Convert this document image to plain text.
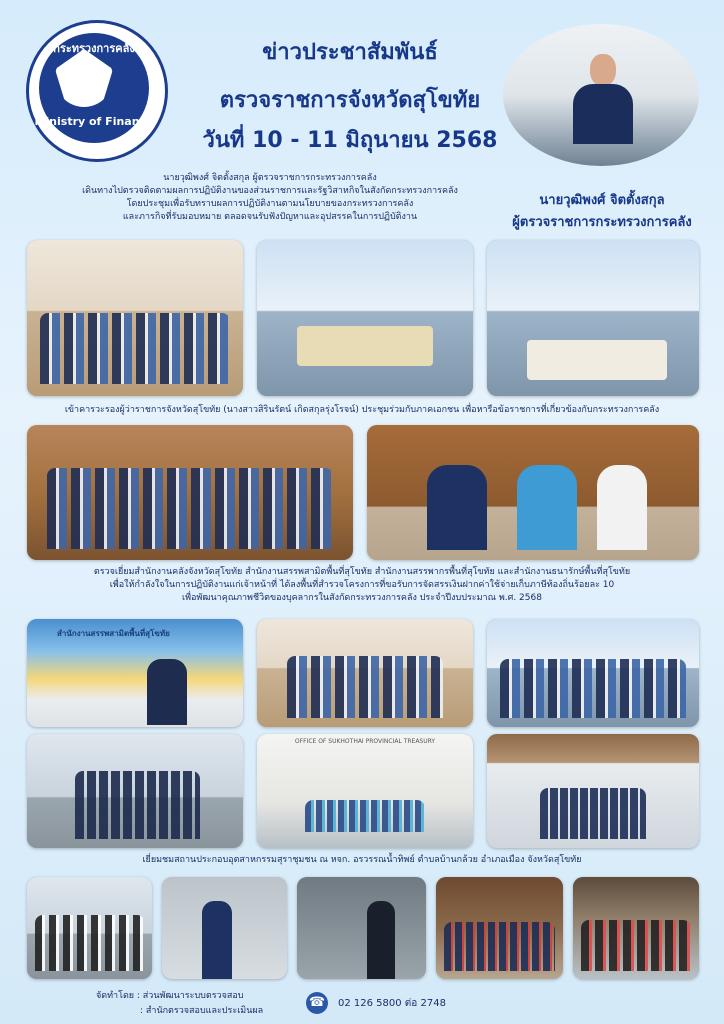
กระทรวงการคลัง
Ministry of Finance
ข่าวประชาสัมพันธ์
ตรวจราชการจังหวัดสุโขทัย
วันที่ 10 - 11 มิถุนายน 2568
นายวุฒิพงศ์ จิตตั้งสกุล ผู้ตรวจราชการกระทรวงการคลัง
เดินทางไปตรวจติดตามผลการปฏิบัติงานของส่วนราชการและรัฐวิสาหกิจในสังกัดกระทรวงการคลัง
โดยประชุมเพื่อรับทราบผลการปฏิบัติงานตามนโยบายของกระทรวงการคลัง
และภารกิจที่รับมอบหมาย ตลอดจนรับฟังปัญหาและอุปสรรคในการปฏิบัติงาน
นายวุฒิพงศ์ จิตตั้งสกุล
ผู้ตรวจราชการกระทรวงการคลัง
เข้าคารวะรองผู้ว่าราชการจังหวัดสุโขทัย (นางสาวสิรินรัตน์ เกิดสกุลรุ่งโรจน์) ประชุมร่วมกับภาคเอกชน เพื่อหารือข้อราชการที่เกี่ยวข้องกับกระทรวงการคลัง
ตรวจเยี่ยมสำนักงานคลังจังหวัดสุโขทัย สำนักงานสรรพสามิตพื้นที่สุโขทัย สำนักงานสรรพากรพื้นที่สุโขทัย และสำนักงานธนารักษ์พื้นที่สุโขทัย
เพื่อให้กำลังใจในการปฏิบัติงานแก่เจ้าหน้าที่ ได้ลงพื้นที่สำรวจโครงการที่ขอรับการจัดสรรเงินฝากค่าใช้จ่ายเก็บภาษีท้องถิ่นร้อยละ 10
เพื่อพัฒนาคุณภาพชีวิตของบุคลากรในสังกัดกระทรวงการคลัง ประจำปีงบประมาณ พ.ศ. 2568
สำนักงานสรรพสามิตพื้นที่สุโขทัย
OFFICE OF SUKHOTHAI PROVINCIAL TREASURY
เยี่ยมชมสถานประกอบอุตสาหกรรมสุราชุมชน ณ หจก. อรวรรณน้ำทิพย์ ตำบลบ้านกล้วย อำเภอเมือง จังหวัดสุโขทัย
จัดทำโดย : ส่วนพัฒนาระบบตรวจสอบ
: สำนักตรวจสอบและประเมินผล
☎ 02 126 5800 ต่อ 2748
